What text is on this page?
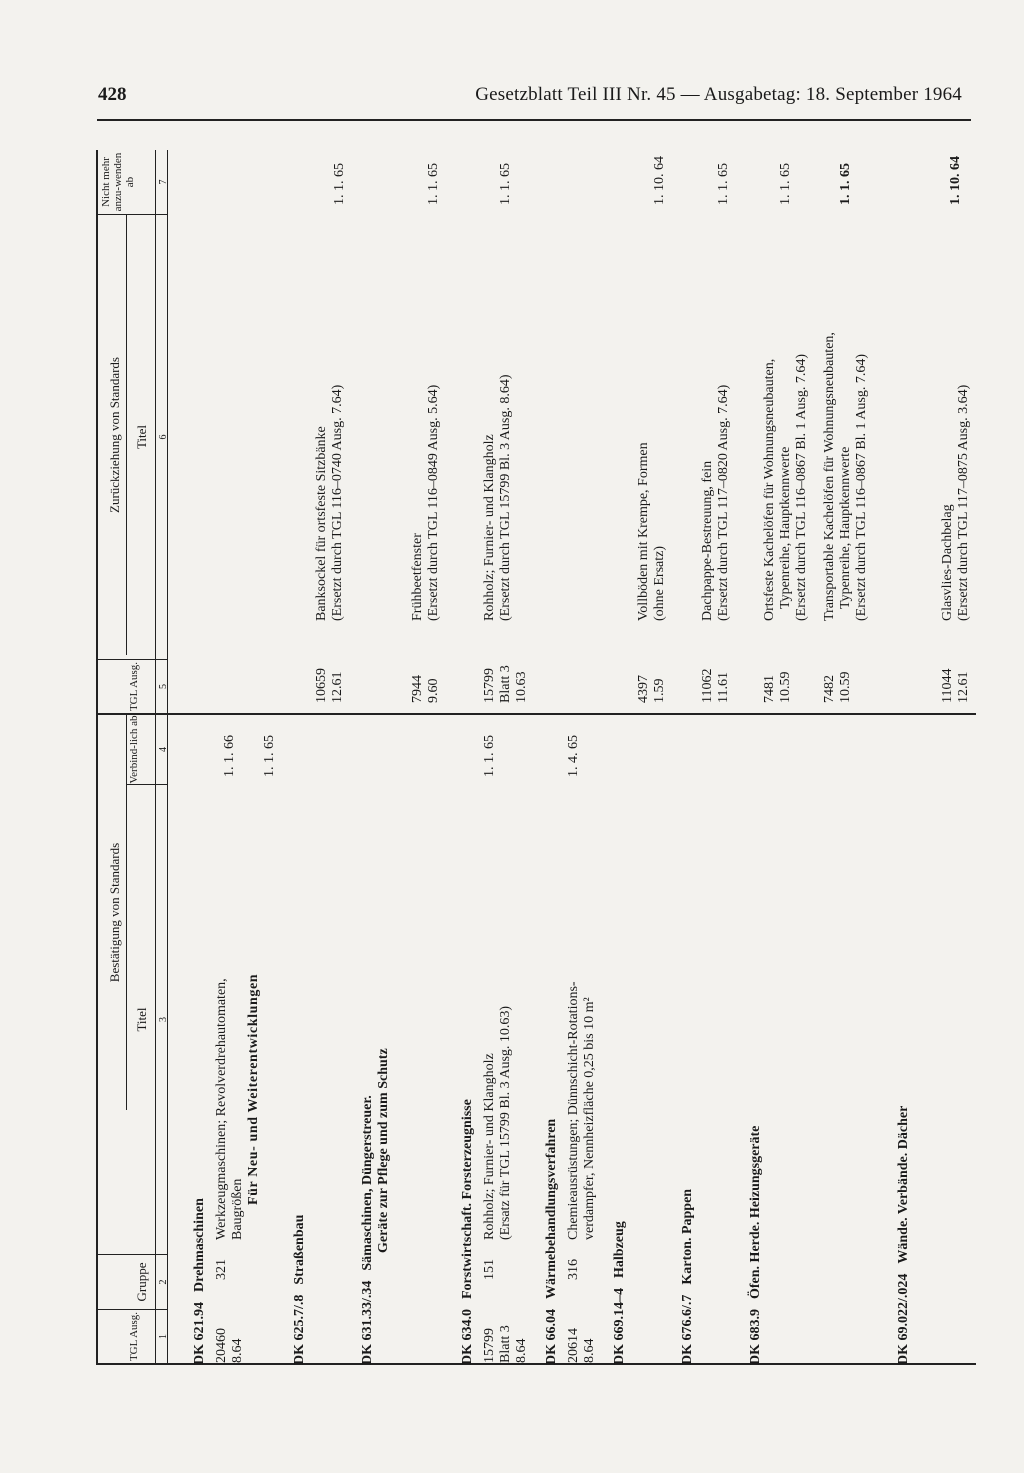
428	Gesetzblatt Teil III Nr. 45 — Ausgabetag: 18. September 1964
Bestätigung von Standards
Zurückziehung von Standards
TGL Ausg.
Gruppe
Titel
Verbind-lich ab
TGL Ausg.
Titel
Nicht mehr anzu-wenden ab
1
2
3
4
5
6
7
DK 621.94Drehmaschinen
20460 8.64
321
Werkzeugmaschinen; Revolverdrehautomaten, Baugrößen
1. 1. 66
Für Neu- und Weiterentwicklungen
1. 1. 65
DK 625.7/.8Straßenbau
10659 12.61
Banksockel für ortsfeste Sitzbänke (Ersetzt durch TGL 116–0740 Ausg. 7.64)
1. 1. 65
DK 631.33/.34Sämaschinen, Düngerstreuer. Geräte zur Pflege und zum Schutz
7944 9.60
Frühbeetfenster (Ersetzt durch TGL 116–0849 Ausg. 5.64)
1. 1. 65
DK 634.0Forstwirtschaft. Forsterzeugnisse
15799 Blatt 3 8.64
151
Rohholz; Furnier- und Klangholz (Ersatz für TGL 15799 Bl. 3 Ausg. 10.63)
1. 1. 65
15799 Blatt 3 10.63
Rohholz; Furnier- und Klangholz (Ersetzt durch TGL 15799 Bl. 3 Ausg. 8.64)
1. 1. 65
DK 66.04Wärmebehandlungsverfahren
20614 8.64
316
Chemieausrüstungen; Dünnschicht-Rotations- verdampfer, Nennheizfläche 0,25 bis 10 m²
1. 4. 65
DK 669.14–4Halbzeug
4397 1.59
Vollböden mit Krempe, Formen (ohne Ersatz)
1. 10. 64
DK 676.6/.7Karton. Pappen
11062 11.61
Dachpappe-Bestreuung, fein (Ersetzt durch TGL 117–0820 Ausg. 7.64)
1. 1. 65
DK 683.9Öfen. Herde. Heizungsgeräte
7481 10.59
Ortsfeste Kachelöfen für Wohnungsneubauten, Typenreihe, Hauptkennwerte (Ersetzt durch TGL 116–0867 Bl. 1 Ausg. 7.64)
1. 1. 65
7482 10.59
Transportable Kachelöfen für Wohnungsneubauten, Typenreihe, Hauptkennwerte (Ersetzt durch TGL 116–0867 Bl. 1 Ausg. 7.64)
1. 1. 65
DK 69.022/.024Wände. Verbände. Dächer
11044 12.61
Glasvlies-Dachbelag (Ersetzt durch TGL 117–0875 Ausg. 3.64)
1. 10. 64
